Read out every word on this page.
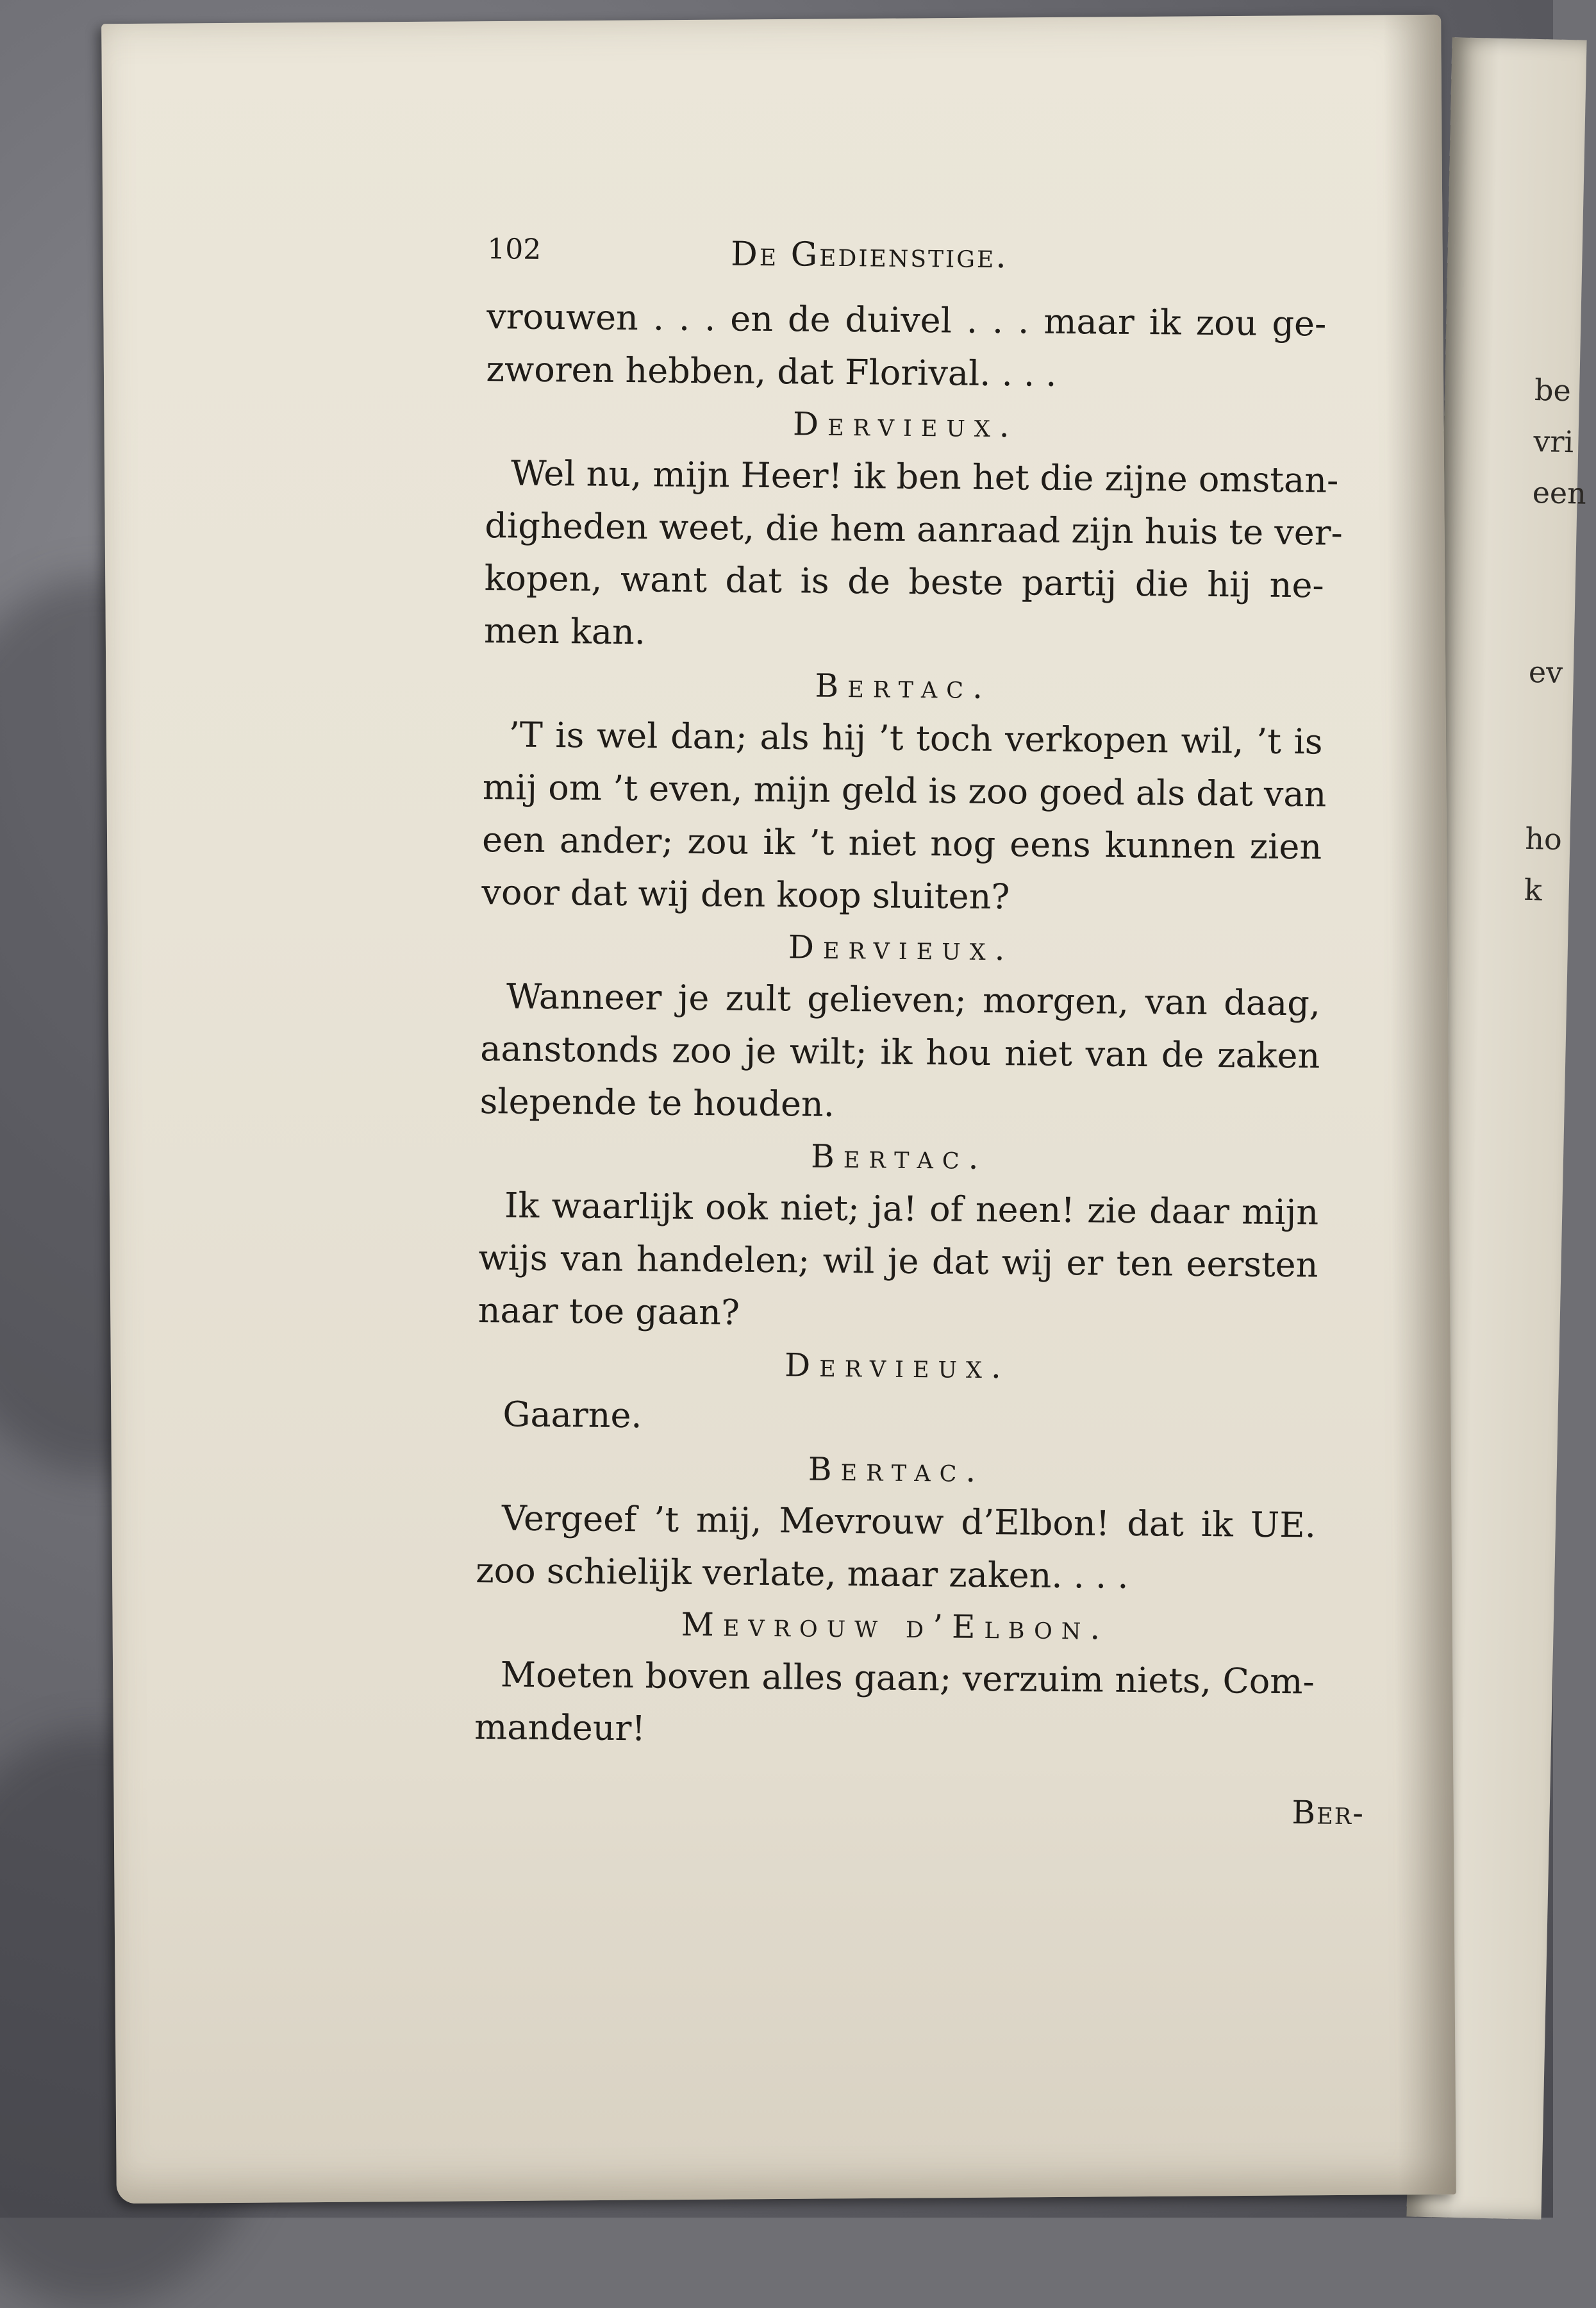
be
vri
een
ev
ho
k
102	De Gedienstige.
vrouwen . . . en de duivel . . . maar ik zou ge-
zworen hebben, dat Florival. . . .
Dervieux.
Wel nu, mijn Heer! ik ben het die zijne omstan-
digheden weet, die hem aanraad zijn huis te ver-
kopen, want dat is de beste partij die hij ne-
men kan.
Bertac.
’T is wel dan; als hij ’t toch verkopen wil, ’t is
mij om ’t even, mijn geld is zoo goed als dat van
een ander; zou ik ’t niet nog eens kunnen zien
voor dat wij den koop sluiten?
Dervieux.
Wanneer je zult gelieven; morgen, van daag,
aanstonds zoo je wilt; ik hou niet van de zaken
slepende te houden.
Bertac.
Ik waarlijk ook niet; ja! of neen! zie daar mijn
wijs van handelen; wil je dat wij er ten eersten
naar toe gaan?
Dervieux.
Gaarne.
Bertac.
Vergeef ’t mij, Mevrouw d’Elbon! dat ik UE.
zoo schielijk verlate, maar zaken. . . .
Mevrouw d’Elbon.
Moeten boven alles gaan; verzuim niets, Com-
mandeur!
Ber-
